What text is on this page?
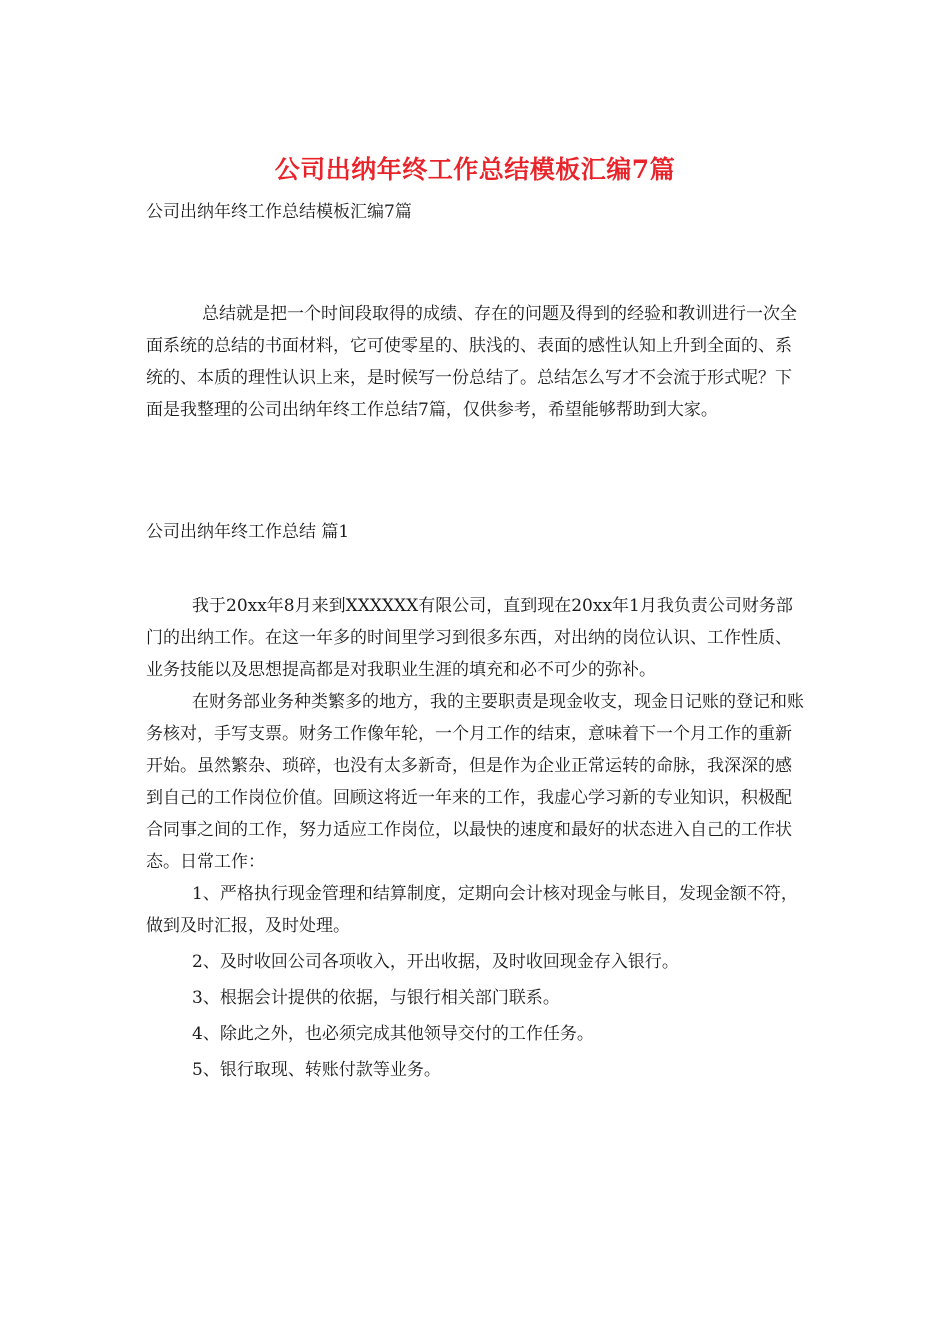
公司出纳年终工作总结模板汇编7篇
公司出纳年终工作总结模板汇编7篇

总结就是把一个时间段取得的成绩、存在的问题及得到的经验和教训进行一次全面系统的总结的书面材料，它可使零星的、肤浅的、表面的感性认知上升到全面的、系统的、本质的理性认识上来，是时候写一份总结了。总结怎么写才不会流于形式呢？下面是我整理的公司出纳年终工作总结7篇，仅供参考，希望能够帮助到大家。

公司出纳年终工作总结 篇1

我于20xx年8月来到XXXXXX有限公司，直到现在20xx年1月我负责公司财务部门的出纳工作。在这一年多的时间里学习到很多东西，对出纳的岗位认识、工作性质、业务技能以及思想提高都是对我职业生涯的填充和必不可少的弥补。

在财务部业务种类繁多的地方，我的主要职责是现金收支，现金日记账的登记和账务核对，手写支票。财务工作像年轮，一个月工作的结束，意味着下一个月工作的重新开始。虽然繁杂、琐碎，也没有太多新奇，但是作为企业正常运转的命脉，我深深的感到自己的工作岗位价值。回顾这将近一年来的工作，我虚心学习新的专业知识，积极配合同事之间的工作，努力适应工作岗位，以最快的速度和最好的状态进入自己的工作状态。日常工作：

1、严格执行现金管理和结算制度，定期向会计核对现金与帐目，发现金额不符，做到及时汇报，及时处理。

2、及时收回公司各项收入，开出收据，及时收回现金存入银行。

3、根据会计提供的依据，与银行相关部门联系。

4、除此之外，也必须完成其他领导交付的工作任务。

5、银行取现、转账付款等业务。
